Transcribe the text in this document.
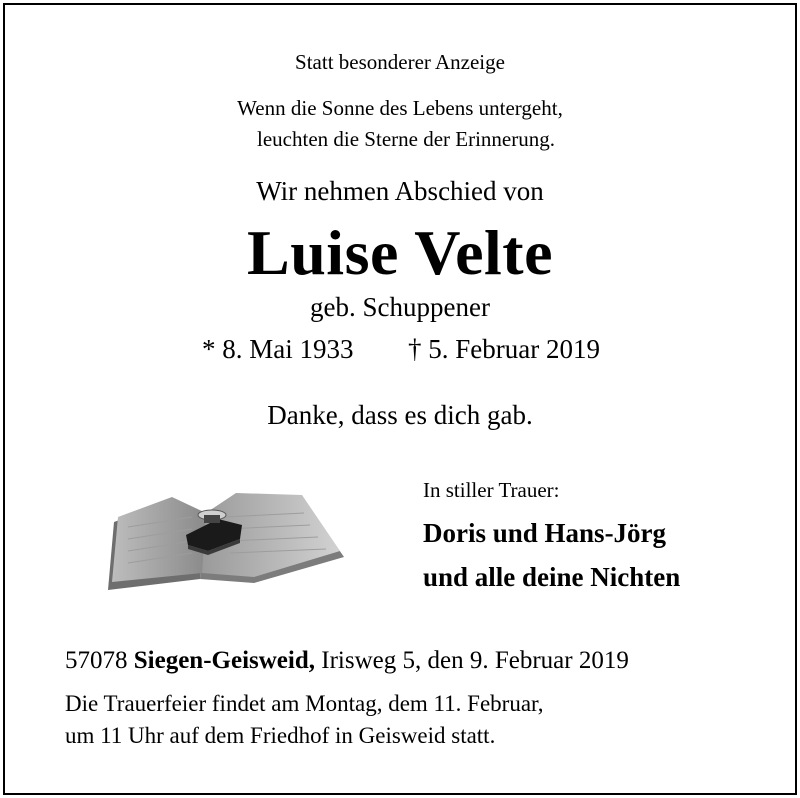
Statt besonderer Anzeige
Wenn die Sonne des Lebens untergeht,
leuchten die Sterne der Erinnerung.
Wir nehmen Abschied von
Luise Velte
geb. Schuppener
* 8. Mai 1933 † 5. Februar 2019
Danke, dass es dich gab.
In stiller Trauer:
Doris und Hans-Jörg
und alle deine Nichten
57078 Siegen-Geisweid, Irisweg 5, den 9. Februar 2019
Die Trauerfeier findet am Montag, dem 11. Februar,
um 11 Uhr auf dem Friedhof in Geisweid statt.
